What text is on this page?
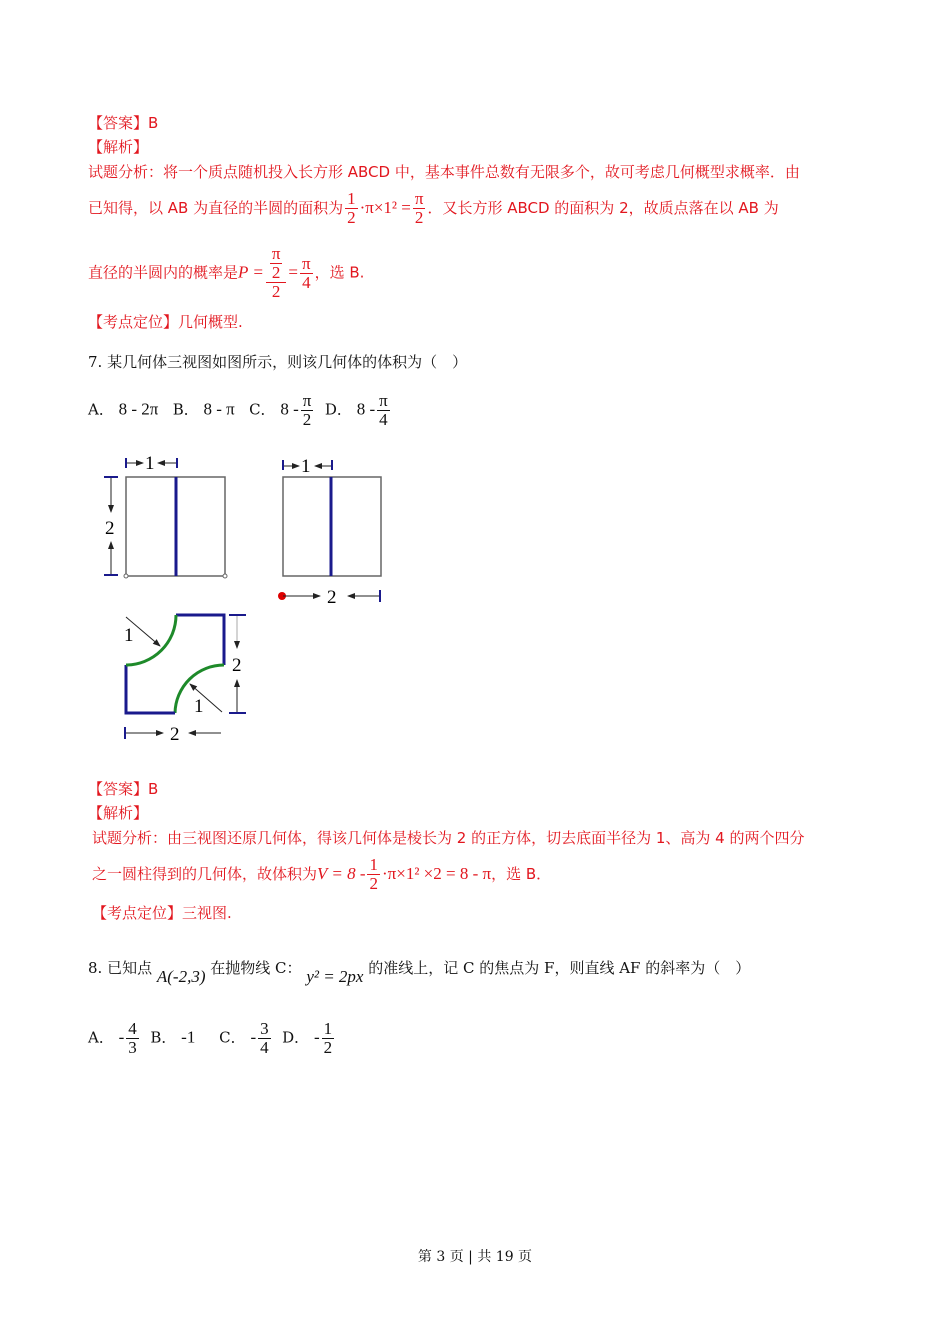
【答案】B
【解析】
试题分析：将一个质点随机投入长方形 ABCD 中，基本事件总数有无限多个，故可考虑几何概型求概率．由
已知得，以 AB 为直径的半圆的面积为 $\frac{1}{2} \cdot\pi\times 1^2 = \frac{\pi}{2}$ ．又长方形 ABCD 的面积为 2，故质点落在以 AB 为
直径的半圆内的概率是$P = \frac{\frac{\pi}{2}}{2} = \frac{\pi}{4}$ ，选 B.
【考点定位】几何概型.
7. 某几何体三视图如图所示，则该几何体的体积为（　）
A． 8 - 2π B． 8 - π C． $8 - \frac{\pi}{2}$ D． $8 - \frac{\pi}{4}$
1
2
1
2
1
1
2
2
【答案】B
【解析】
试题分析：由三视图还原几何体，得该几何体是棱长为 2 的正方体，切去底面半径为 1、高为 4 的两个四分
之一圆柱得到的几何体，故体积为$V = 8 - \frac{1}{2} \cdot\pi\times 1^2 \times 2 = 8 - \pi$，选 B．
【考点定位】三视图.
8. 已知点 A(-2,3) 在抛物线 C： y² = 2px 的准线上，记 C 的焦点为 F，则直线 AF 的斜率为（　）
A． - $\frac{4}{3}$ B． -1 C． - $\frac{3}{4}$ D． - $\frac{1}{2}$
第 3 页 | 共 19 页
